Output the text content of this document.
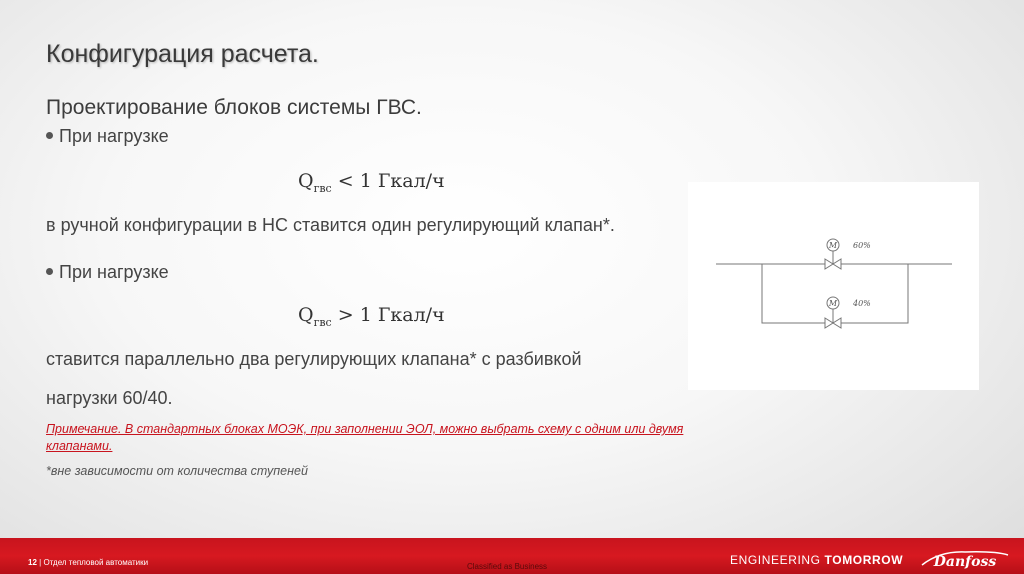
Конфигурация расчета.
Проектирование блоков системы ГВС.
При нагрузке
$Q_{гвс} < 1$ Гкал/ч
в ручной конфигурации в НС ставится один регулирующий клапан*.
При нагрузке
$Q_{гвс} > 1$ Гкал/ч
ставится параллельно два регулирующих клапана* с разбивкой
нагрузки 60/40.
Примечание. В стандартных блоках МОЭК, при заполнении ЭОЛ, можно выбрать схему с одним или двумя клапанами.
*вне зависимости от количества ступеней
M
M
60%
40%
12 | Отдел тепловой автоматики	Classified as Business	ENGINEERING TOMORROW Danfoss
